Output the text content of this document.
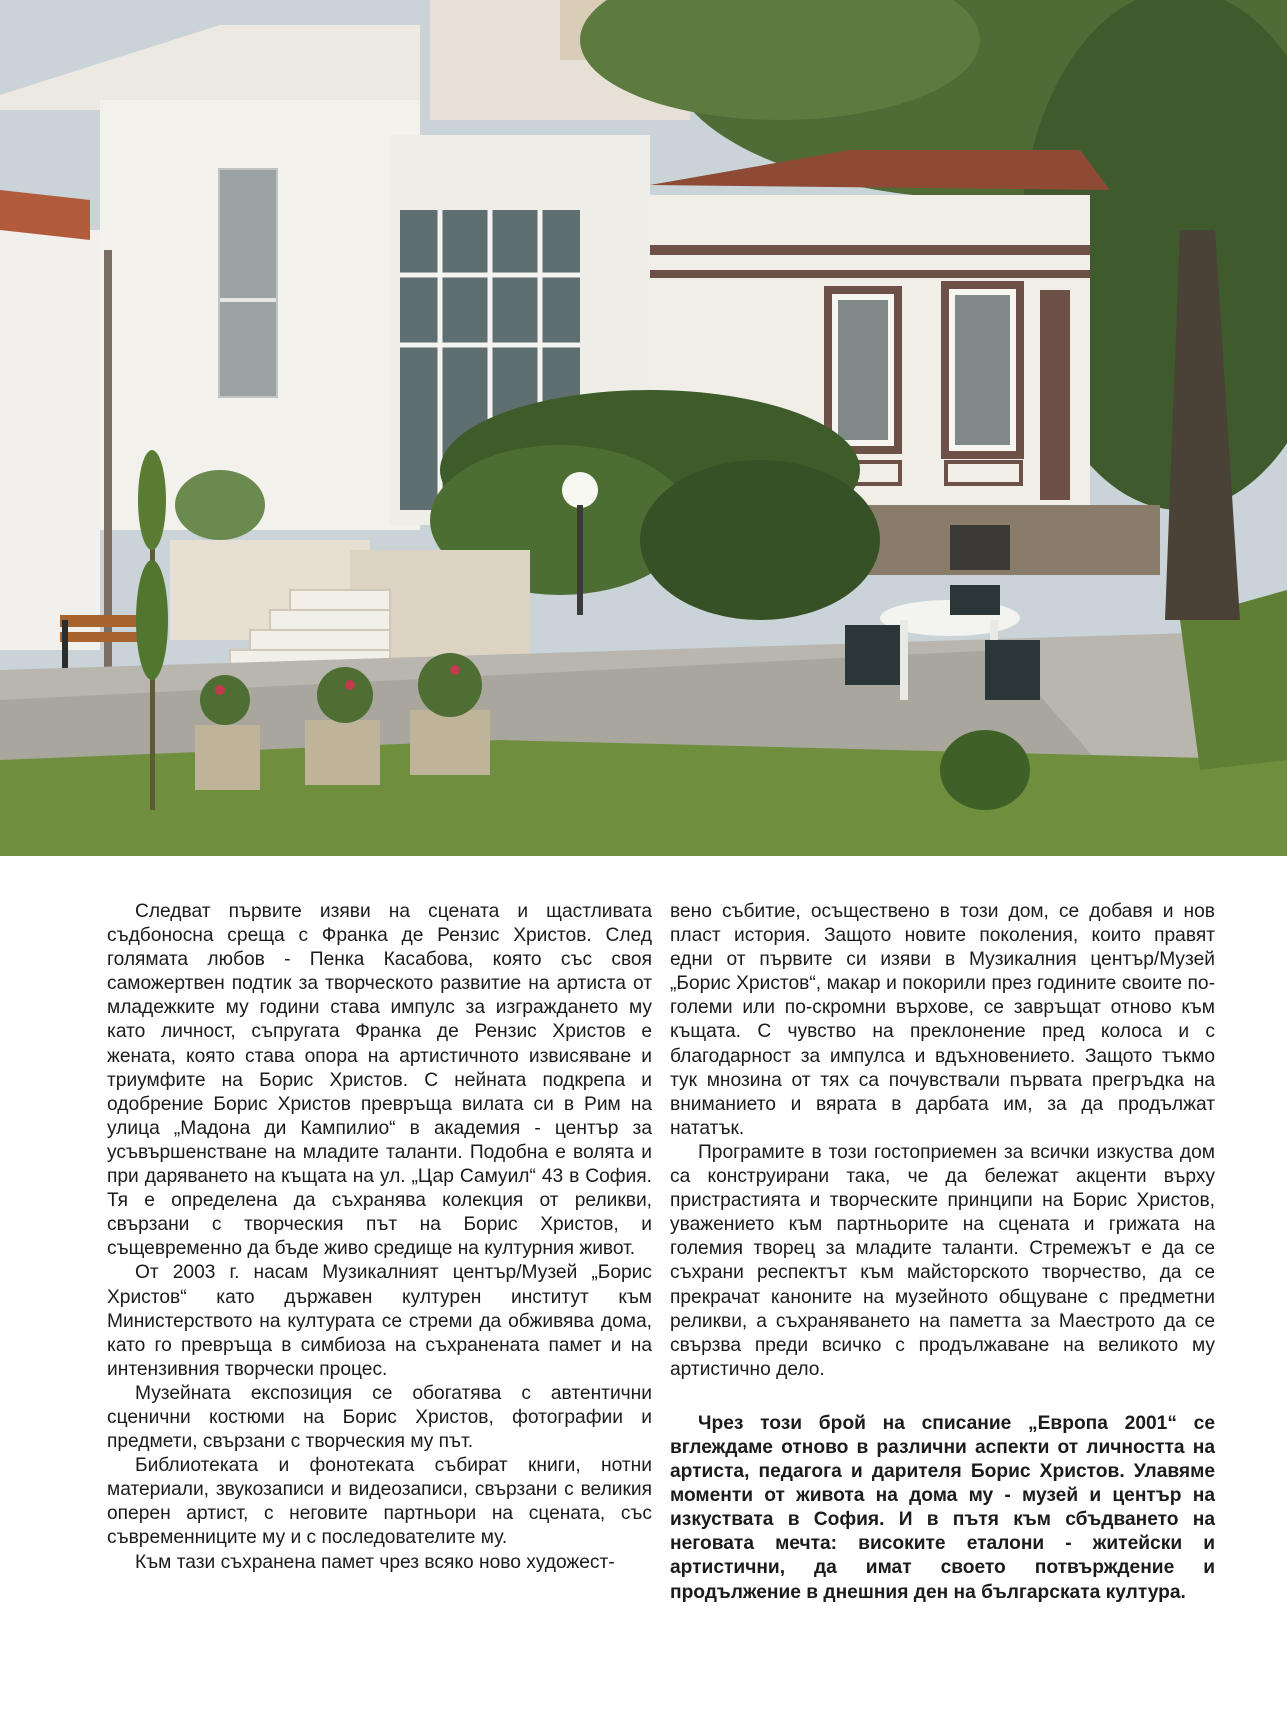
Следват първите изяви на сцената и щастливата съдбоносна среща с Франка де Рензис Христов. След голямата любов - Пенка Касабова, която със своя саможертвен подтик за творческото развитие на артиста от младежките му години става импулс за изграждането му като личност, съпругата Франка де Рензис Христов е жената, която става опора на артистичното извисяване и триумфите на Борис Христов. С нейната подкрепа и одобрение Борис Христов превръща вилата си в Рим на улица „Мадона ди Кампилио“ в академия - център за усъвършенстване на младите таланти. Подобна е волята и при даряването на къщата на ул. „Цар Самуил“ 43 в София. Тя е определена да съхранява колекция от реликви, свързани с творческия път на Борис Христов, и същевременно да бъде живо средище на културния живот.

От 2003 г. насам Музикалният център/Музей „Борис Христов“ като държавен културен институт към Министерството на културата се стреми да обживява дома, като го превръща в симбиоза на съхранената памет и на интензивния творчески процес.

Музейната експозиция се обогатява с автентични сценични костюми на Борис Христов, фотографии и предмети, свързани с творческия му път.

Библиотеката и фонотеката събират книги, нотни материали, звукозаписи и видеозаписи, свързани с великия оперен артист, с неговите партньори на сцената, със съвременниците му и с последователите му.

Към тази съхранена памет чрез всяко ново художест-

вено събитие, осъществено в този дом, се добавя и нов пласт история. Защото новите поколения, които правят едни от първите си изяви в Музикалния център/Музей „Борис Христов“, макар и покорили през годините своите по-големи или по-скромни върхове, се завръщат отново към къщата. С чувство на преклонение пред колоса и с благодарност за импулса и вдъхновението. Защото тъкмо тук мнозина от тях са почувствали първата прегръдка на вниманието и вярата в дарбата им, за да продължат нататък.

Програмите в този гостоприемен за всички изкуства дом са конструирани така, че да бележат акценти върху пристрастията и творческите принципи на Борис Христов, уважението към партньорите на сцената и грижата на големия творец за младите таланти. Стремежът е да се съхрани респектът към майсторското творчество, да се прекрачат каноните на музейното общуване с предметни реликви, а съхраняването на паметта за Маестрото да се свързва преди всичко с продължаване на великото му артистично дело.

Чрез този брой на списание „Европа 2001“ се вглеждаме отново в различни аспекти от личността на артиста, педагога и дарителя Борис Христов. Улавяме моменти от живота на дома му - музей и център на изкуствата в София. И в пътя към сбъдването на неговата мечта: високите еталони - житейски и артистични, да имат своето потвърждение и продължение в днешния ден на българската култура.
